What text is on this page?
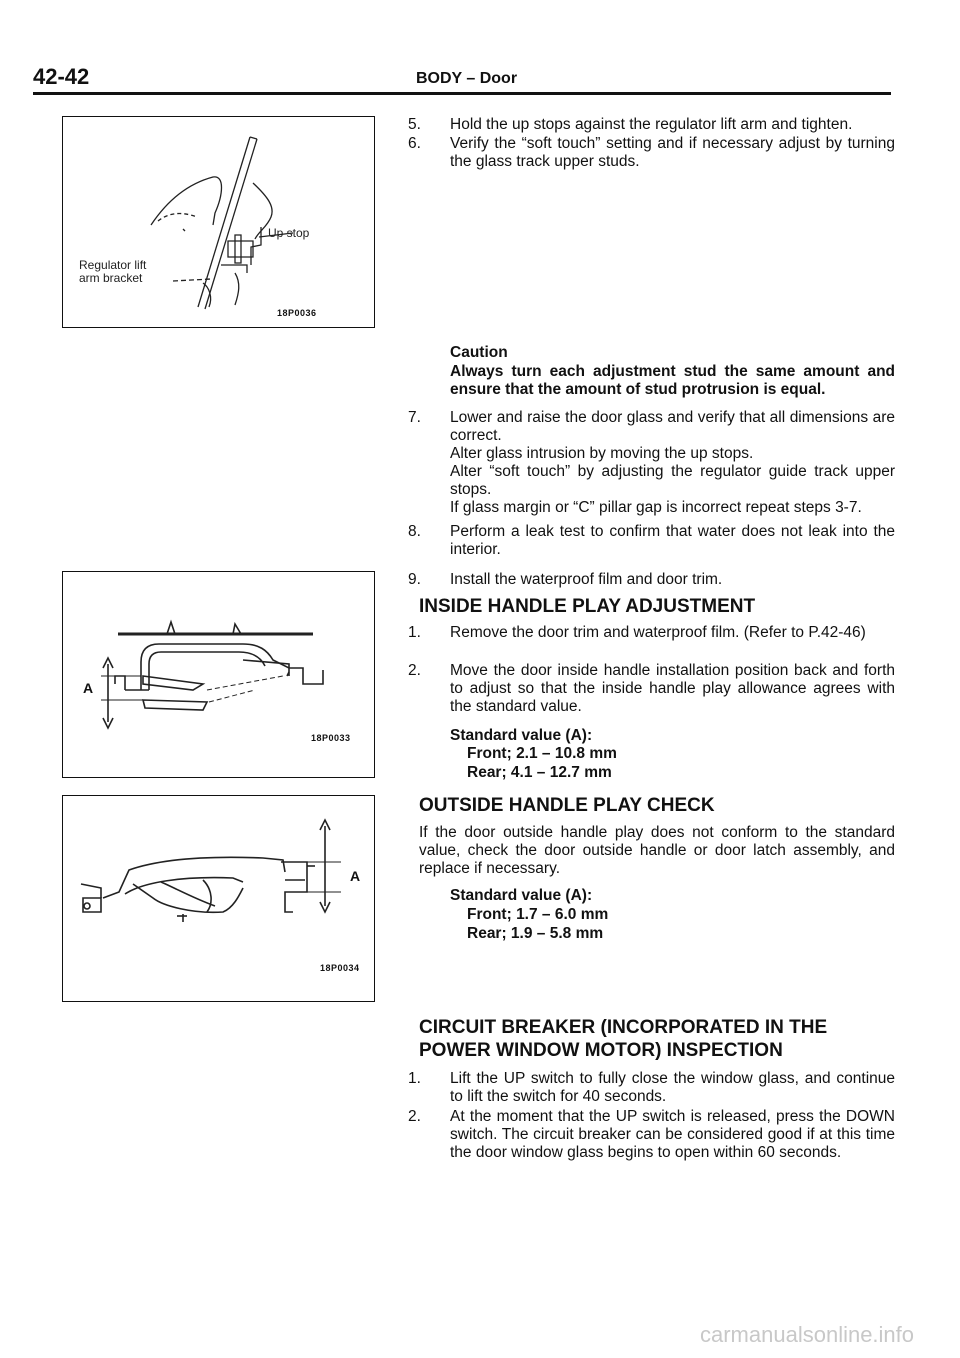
42-42	BODY – Door
Regulator lift
arm bracket
Up stop
18P0036
A
18P0033
A
18P0034
5.	Hold the up stops against the regulator lift arm and tighten.
6.	Verify the “soft touch” setting and if necessary adjust by turning the glass track upper studs.
Caution
Always turn each adjustment stud the same amount and ensure that the amount of stud protrusion is equal.
7.	Lower and raise the door glass and verify that all dimensions are correct.
Alter glass intrusion by moving the up stops.
Alter “soft touch” by adjusting the regulator guide track upper stops.
If glass margin or “C” pillar gap is incorrect repeat steps 3-7.
8.	Perform a leak test to confirm that water does not leak into the interior.
9.	Install the waterproof film and door trim.
INSIDE HANDLE PLAY ADJUSTMENT
1.	Remove the door trim and waterproof film. (Refer to P.42-46)
2.	Move the door inside handle installation position back and forth to adjust so that the inside handle play allowance agrees with the standard value.
Standard value (A):
Front; 2.1 – 10.8 mm
Rear; 4.1 – 12.7 mm
OUTSIDE HANDLE PLAY CHECK
If the door outside handle play does not conform to the standard value, check the door outside handle or door latch assembly, and replace if necessary.
Standard value (A):
Front; 1.7 – 6.0 mm
Rear; 1.9 – 5.8 mm
CIRCUIT BREAKER (INCORPORATED IN THE
POWER WINDOW MOTOR) INSPECTION
1.	Lift the UP switch to fully close the window glass, and continue to lift the switch for 40 seconds.
2.	At the moment that the UP switch is released, press the DOWN switch. The circuit breaker can be considered good if at this time the door window glass begins to open within 60 seconds.
carmanualsonline.info
